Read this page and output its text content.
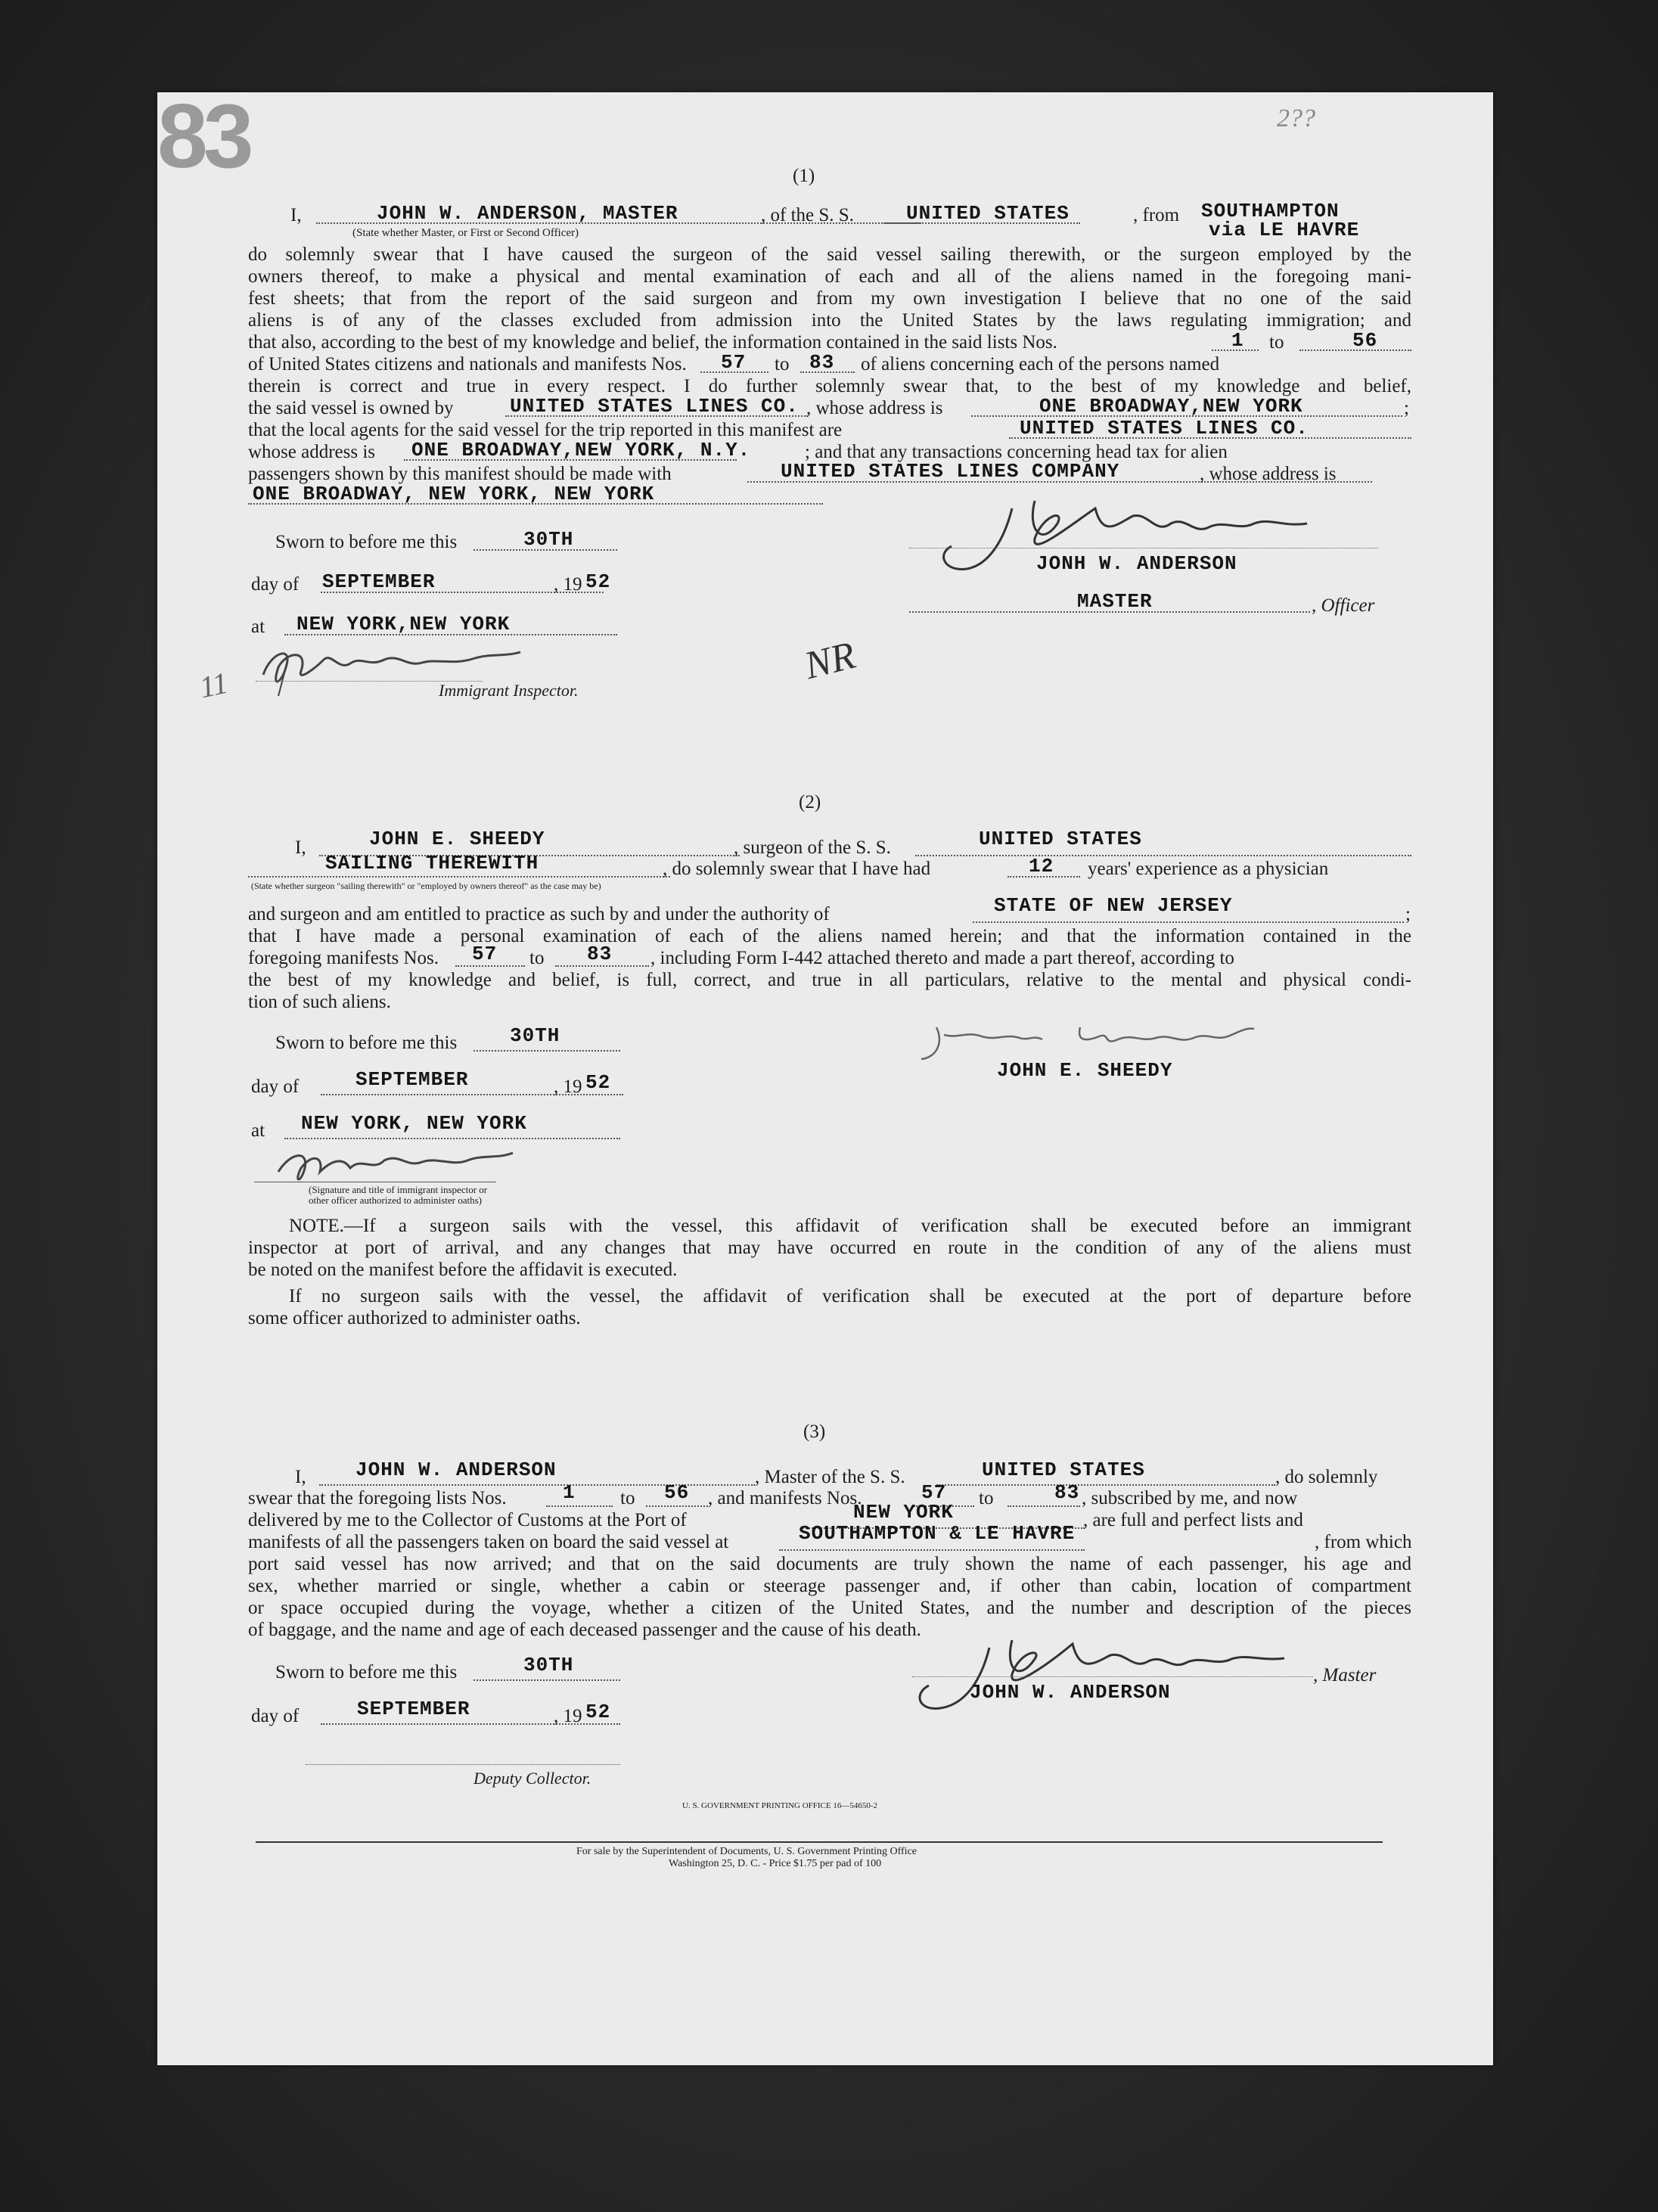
83	2??
(1)
I,	JOHN W. ANDERSON, MASTER	, of the S. S.	UNITED STATES	, from SOUTHAMPTON
via LE HAVRE
(State whether Master, or First or Second Officer)
do solemnly swear that I have caused the surgeon of the said vessel sailing therewith, or the surgeon employed by the
owners thereof, to make a physical and mental examination of each and all of the aliens named in the foregoing mani-
fest sheets; that from the report of the said surgeon and from my own investigation I believe that no one of the said
aliens is of any of the classes excluded from admission into the United States by the laws regulating immigration; and
that also, according to the best of my knowledge and belief, the information contained in the said lists Nos.	1 to	56
of United States citizens and nationals and manifests Nos. 57 to 83 of aliens concerning each of the persons named
therein is correct and true in every respect. I do further solemnly swear that, to the best of my knowledge and belief,
the said vessel is owned by	UNITED STATES LINES CO. , whose address is	ONE BROADWAY,NEW YORK	;
that the local agents for the said vessel for the trip reported in this manifest are	UNITED STATES LINES CO.
whose address is ONE BROADWAY,NEW YORK, N.Y.	; and that any transactions concerning head tax for alien
passengers shown by this manifest should be made with	UNITED STATES LINES COMPANY	, whose address is
ONE BROADWAY, NEW YORK, NEW YORK
Sworn to before me this	30TH
day of SEPTEMBER	, 19 52
at NEW YORK,NEW YORK
Immigrant Inspector.
11	NR
JONH W. ANDERSON
MASTER	, Officer
(2)
I,	JOHN E. SHEEDY	, surgeon of the S. S.	UNITED STATES
SAILING THEREWITH	, do solemnly swear that I have had	12 years' experience as a physician
(State whether surgeon "sailing therewith" or "employed by owners thereof" as the case may be)
and surgeon and am entitled to practice as such by and under the authority of	STATE OF NEW JERSEY	;
that I have made a personal examination of each of the aliens named herein; and that the information contained in the
foregoing manifests Nos. 57 to 83 , including Form I-442 attached thereto and made a part thereof, according to
the best of my knowledge and belief, is full, correct, and true in all particulars, relative to the mental and physical condi-
tion of such aliens.
Sworn to before me this	30TH
day of	SEPTEMBER	, 19 52
at NEW YORK, NEW YORK
(Signature and title of immigrant inspector or
other officer authorized to administer oaths)
JOHN E. SHEEDY
NOTE.—If a surgeon sails with the vessel, this affidavit of verification shall be executed before an immigrant
inspector at port of arrival, and any changes that may have occurred en route in the condition of any of the aliens must
be noted on the manifest before the affidavit is executed.
If no surgeon sails with the vessel, the affidavit of verification shall be executed at the port of departure before
some officer authorized to administer oaths.
(3)
I,	JOHN W. ANDERSON	, Master of the S. S.	UNITED STATES	, do solemnly
swear that the foregoing lists Nos.	1 to 56 , and manifests Nos.	57 to	83 , subscribed by me, and now
delivered by me to the Collector of Customs at the Port of	NEW YORK	, are full and perfect lists and
manifests of all the passengers taken on board the said vessel at	SOUTHAMPTON & LE HAVRE	, from which
port said vessel has now arrived; and that on the said documents are truly shown the name of each passenger, his age and
sex, whether married or single, whether a cabin or steerage passenger and, if other than cabin, location of compartment
or space occupied during the voyage, whether a citizen of the United States, and the number and description of the pieces
of baggage, and the name and age of each deceased passenger and the cause of his death.
Sworn to before me this	30TH
day of	SEPTEMBER	, 19 52
Deputy Collector.
, Master
JOHN W. ANDERSON
U. S. GOVERNMENT PRINTING OFFICE 16—54650-2
For sale by the Superintendent of Documents, U. S. Government Printing Office
Washington 25, D. C. - Price $1.75 per pad of 100
